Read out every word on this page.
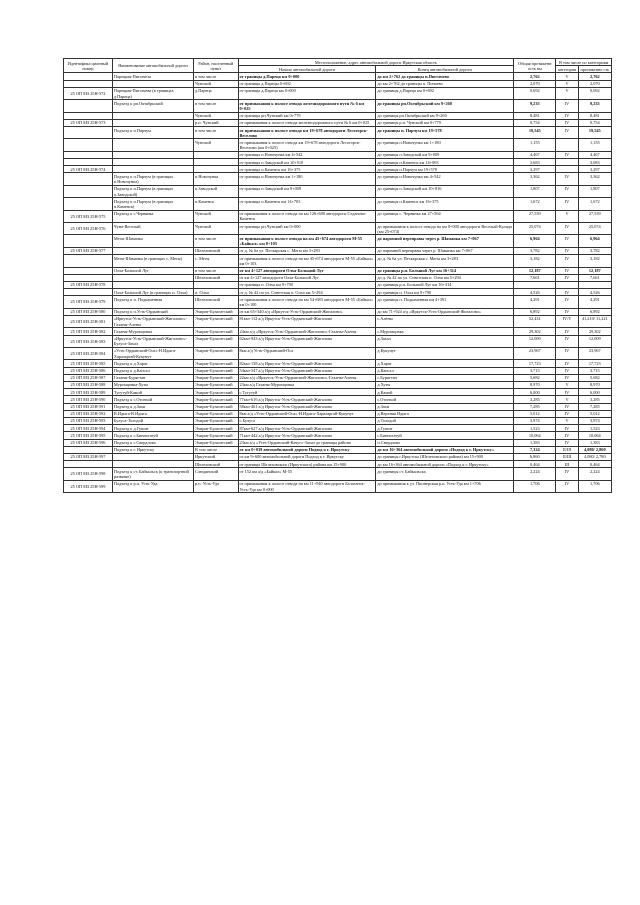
Идентифика ционный номер	Наименование автомобильной дороги	Район, населенный пункт	Местоположение, адрес автомобильной дороги Иркутская область		Общая протяженн ость км	В том числе по категориям	
			Начало автомобильной дороги	Конец автомобильной дороги		категория	протяженно сть

	Парецкая-Пиггачеза	в том числе	от границы д.Пареца км 0+000	до км 2+762 до границы п.Пиггачево	2,762	V	2,762
		Чунский	от границы д.Парецы 0+692	до км 2+762 до границы п. Пичаево	2,070	V	2,070
25 ОП МЗ 25Н-572	Парецкая-Пиггачева (в границах д.Пареца)	д.Пареца	от границы д.Пареца км 0+000	до границы д.Пареца км 0+692	0,692	V	0,692
	Подъезд к рп.Октябрьский	в том числе	от примыкания к полосе отвода железнодорожного пути № 6 км 0+025	до границы рп.Октябрьский км 9+260	9,235	IV	9,235
		Чунский	от границы рп.Чунский км 0+779	до границы рп.Октябрьский км 9+260	8,481	IV	8,481
25 ОП МЗ 25Н-573		р.п. Чунский	от примыкания к полосе отвода железнодорожного пути № 6 км 0+025	до границы р.п. Чунский км 0+779	0,754	IV	0,754
	Подъезд к п.Парчум	в том числе	от примыкания к полосе отвода км 19+678 автодороги Лесогорск-Веселово	до границы п. Парчум км 19+578	19,545	IV	19,545
		Чунский	от примыкания к полосе отвода км 19+678 автодороги Лесогорск-Веселово (км 0+025)	до границы п.Новочунка км 1+180	1,155		1,155
			от границы п.Новочунка км 4+542	до границы п.Заводской км 9+009	4,467	IV	4,467
			от границы п.Заводской км 10+510	до границы п.Каменск км 14+003	3,683		3,683
25 ОП МЗ 25Н-574			от границы п.Каменск км 16+375	до границы п.Парчум км 19+578	3,297		3,297
	Подъезд к п.Парчум (в границах п.Новочунка)	п.Новочунка	от границы п.Новочунка км 1+180	до границы п.Новочунка км 4+542	3,362	IV	3,362
	Подъезд к п.Парчум (в границах п.Заводской)	п.Заводской	от границы п.Заводской км 9+009	до границы п.Заводской км 10+816	1,807	IV	1,807
	Подъезд к п.Парчум (в границах п.Каменск)	п.Каменск	от границы п.Каменск км 14+703	до границы п.Каменск км 16+375	1,672	IV	1,672
25 ОП МЗ 25Н-575	Подъезд к с.Червянка	Чунский	от примыкания к полосе отвода на км 126+600 автодороги Седаново-Каменск	до границы с. Червянка км 27+564	27,539	V	27,539
25 ОП МЗ 25Н-576	Чуна-Веселый	Чунский	от границы рп.Чунский км 0+000	до примыкания к полосе отвода на км 0+000 автодороги Веселый-Кулида (км 25+074)	25,074	IV	25,074
	Мегы-Шаманка	в том числе	от примыкания к полосе отвода на км 45+674 автодороги М-55 «Байкал» км 0+103	до паромной переправы через р. Шаманка км 7+067	6,964	IV	6,964
25 ОП МЗ 25Н-577		Шелеховский	от д. № 6а ул. Пескарская с. Мегы км 3+283	до паромной переправы через р. Шаманка км 7+067	3,782	IV	3,782
	Мегы-Шаманка (в границах с. Мегы)	с. Мегы	от примыкания к полосе отвода на км 45+674 автодороги М-55 «Байкал» км 0+103	до д. № 6а ул. Пескарская с. Мегы км 3+283	3,182	IV	3,182
	Олха-Большой Луг	в том числе	от км 4+127 автодороги Олха-Большой Луг	до границы р.п. Большой Луг км 16+314	12,187	IV	12,187
		Шелеховский	от км 4+127 автодороги Олха-Большой Луг	до д. № 42 по ул. Советская п. Олха км 5+294	7,661	IV	7,661
25 ОП МЗ 25Н-578			от границы п. Олха км 9+790	до границы р.п. Большой Луг км 16+314			
	Олха-Большой Луг (в границах п. Олха)	п. Олха	от д. № 42 по ул. Советская п. Олха км 5+294	до границы п. Олха км 9+790	4,526	IV	4,526
25 ОП МЗ 25Н-579	Подъезд к п. Подкаменная	Шелеховский	от примыкания к полосе отвода на км 54+683 автодороги М-55 «Байкал» км 0+100	до границы п. Подкаменная км 4+391	4,291	IV	4,291
25 ОП МЗ 25Н-580	Подъезд к п.Усть-Ордынский	Эхирит-Булагатский	от км 65+340 а/д «Иркутск-Усть-Ордынский-Жигалово»	до км 71+924 а/д «Иркутск-Усть-Ордынский-Жигалово»	6,892	IV	6,892
25 ОП МЗ 25Н-581	«Иркутск-Усть-Ордынский-Жигалово»-Гаханы-Алены	Эхирит-Булагатский	81км+112 а/д Иркутск-Усть-Ордынский-Жигалово	с.Алены	52,431	IV/V	41,210/ 11,221
25 ОП МЗ 25Н-582	Гаханы-Муромцовка	Эхирит-Булагатский	24км а/д «Иркутск-Усть-Ордынский-Жигалово»-Гаханы-Алены	с.Муромцовка	29,302	IV	29,302
25 ОП МЗ 25Н-583	«Иркутск-Усть-Ордынский-Жигалово»-Булуса-Захал	Эхирит-Булагатский	62км+943 а/д Иркутск-Усть-Ордынский-Жигалово	д.Захал	12,009	IV	12,009
25 ОП МЗ 25Н-584	«Усть-Ордынский-Оса»-Н.Идыга-Харазаргай-Кукунут	Эхирит-Булагатский	8км а/д Усть-Ордынский-Оса	д.Кукунут	23,967	IV	23,967
25 ОП МЗ 25Н-585	Подъезд к д.Харат	Эхирит-Булагатский	82км+138 а/д Иркутск-Усть-Ордынский-Жигалово	д.Харат	17,723	IV	17,723
25 ОП МЗ 25Н-586	Подъезд к д.Капсал	Эхирит-Булагатский	54км+547 а/д Иркутск-Усть-Ордынский-Жигалово	д.Капсал	3,715	IV	3,715
25 ОП МЗ 25Н-587	Гаханы-Бурягтан	Эхирит-Булагатский	22км а/д «Иркутск-Усть-Ордынский-Жигалово»-Гаханы-Алены	с.Бурягтан	5,682	IV	5,682
25 ОП МЗ 25Н-588	Муромцовка-Хуты	Эхирит-Булагатский	23км а/д Гаханы-Муромцовка	д.Хуты	8,970	V	8,970
25 ОП МЗ 25Н-589	Тугутуй-Камой	Эхирит-Булагатский	с.Тугутуй	д.Камой	6,000	IV	6,000
25 ОП МЗ 25Н-590	Подъезд к с.Отонхой	Эхирит-Булагатский	77км+616 а/д Иркутск-Усть-Ордынский-Жигалово	с.Отонхой	3,285	V	3,285
25 ОП МЗ 25Н-591	Подъезд к д.Захи	Эхирит-Булагатский	58км+461 а/д Иркутск-Усть-Ордынский-Жигалово	д.Захи	7,285	IV	7,285
25 ОП МЗ 25Н-592	В.Идыга-В.Идыга	Эхирит-Булагатский	8км а/д «Усть-Ордынский-Оса»-Н.Идыга-Харазаргай-Кукунут	д.Верхняя Идыга	5,012	IV	5,012
25 ОП МЗ 25Н-593	Булуса-Толодой	Эхирит-Булагатский	с.Булуса	д.Толодой	3,974	V	3,974
25 ОП МЗ 25Н-594	Подъезд к д.Гушит	Эхирит-Булагатский	87км+627 а/д Иркутск-Усть-Ордынский-Жигалово	д.Гушит	1,523	IV	1,523
25 ОП МЗ 25Н-595	Подъезд к с.Бинногатуй	Эхирит-Булагатский	71км+442 а/д Иркутск-Усть-Ордынский-Жигалово	с.Бинногатуй	10,064	IV	10,064
25 ОП МЗ 25Н-596	Подъезд к с.Свердлово	Эхирит-Булагатский	23км а/д «Усть-Ордынский-Качуг»-Захал до границы района	п.Свердлово	1,383	IV	1,383
	Подъезд к г. Иркутску	В том числе	от км 0+039 автомобильной дороги Подход к г. Иркутску	до км 16+364 автомобильной дороги «Подход к г. Иркутску»	7,324	II/III	4,080/ 2,860
25 ОП МЗ 25Н-597		Иркутский	от км 9+600 автомобильной дороги Подход к г. Иркутску	до границы г.Иркутска (Шелеховского района) км 15+900	6,860	II/III	4,080/ 2,780
		Шелеховский	от границы Шелеховского (Иркутского) района км 15+900	до км 16+364 автомобильной дороги «Подход к г. Иркутску»	0,464	III	0,464
25 ОП МЗ 25Н-598	Подъезд к ст. Байкальск (к транспортной развязке)	Слюдянский	от 152 км а/д «Байкал» М-55	до границы ст. Байкальска	2,224	IV	2,224
25 ОП МЗ 25Н-599	Подъезд к р.п. Усть-Уда	р.п. Усть-Уда	от примыкания к полосе отвода на км 11+940 автодороги Балаганск-Усть-Уда км 0+000	до примыкания к ул. Пионерская р.п. Усть-Уда км 1+706	1,706	IV	1,706
